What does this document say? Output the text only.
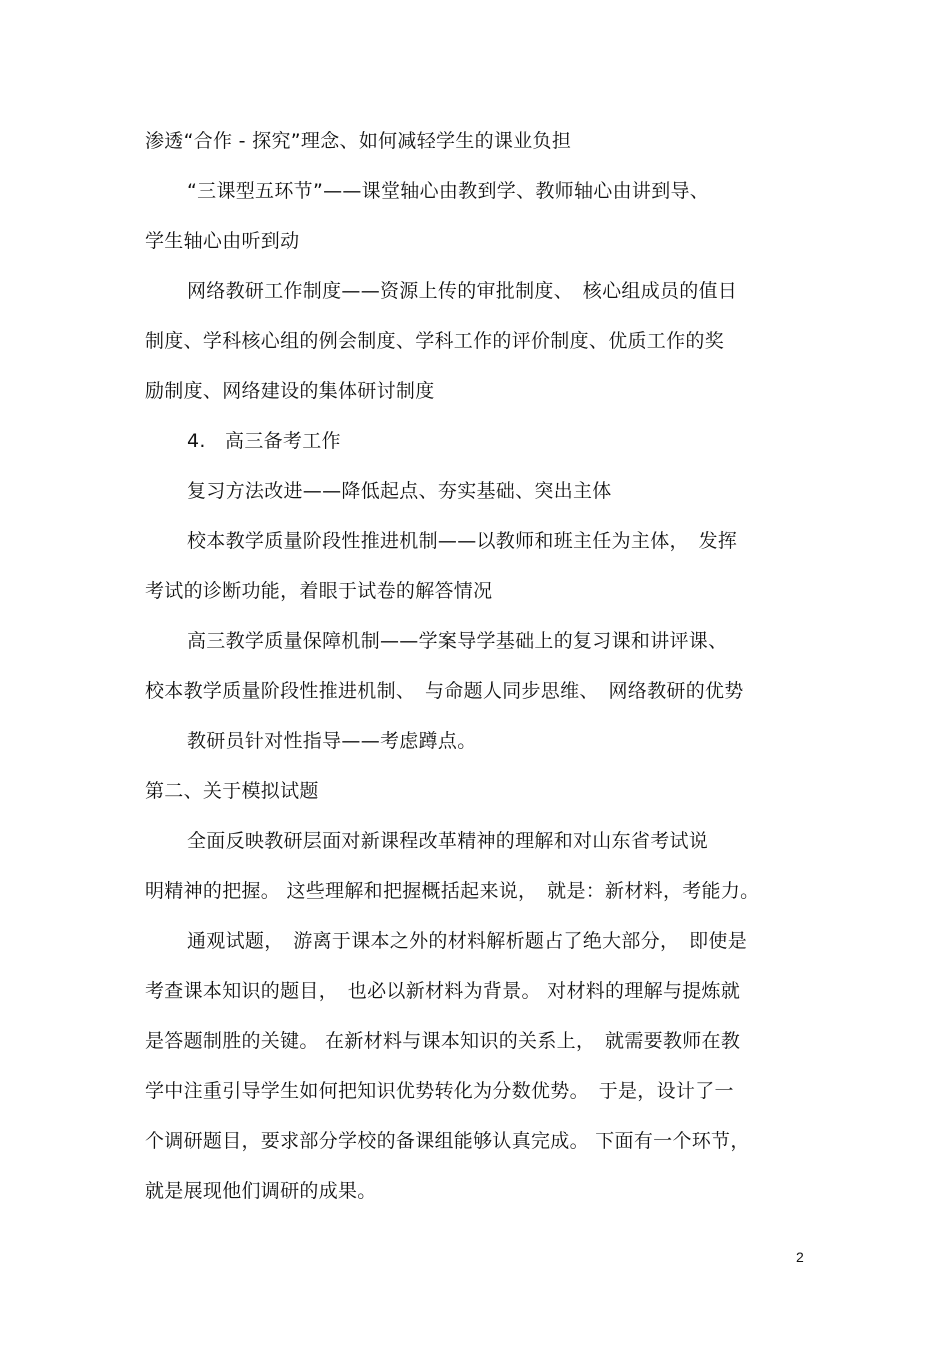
渗透“合作 - 探究”理念、如何减轻学生的课业负担
“三课型五环节”——课堂轴心由教到学、教师轴心由讲到导、
学生轴心由听到动
网络教研工作制度——资源上传的审批制度、　核心组成员的值日
制度、学科核心组的例会制度、学科工作的评价制度、优质工作的奖
励制度、网络建设的集体研讨制度
4.　高三备考工作
复习方法改进——降低起点、夯实基础、突出主体
校本教学质量阶段性推进机制——以教师和班主任为主体，　发挥
考试的诊断功能，着眼于试卷的解答情况
高三教学质量保障机制——学案导学基础上的复习课和讲评课、
校本教学质量阶段性推进机制、　与命题人同步思维、　网络教研的优势
教研员针对性指导——考虑蹲点。
第二、关于模拟试题
全面反映教研层面对新课程改革精神的理解和对山东省考试说
明精神的把握。 这些理解和把握概括起来说，　就是：新材料，考能力。
通观试题，　游离于课本之外的材料解析题占了绝大部分，　即使是
考查课本知识的题目，　也必以新材料为背景。 对材料的理解与提炼就
是答题制胜的关键。 在新材料与课本知识的关系上，　就需要教师在教
学中注重引导学生如何把知识优势转化为分数优势。　于是，设计了一
个调研题目，要求部分学校的备课组能够认真完成。 下面有一个环节，
就是展现他们调研的成果。
2
